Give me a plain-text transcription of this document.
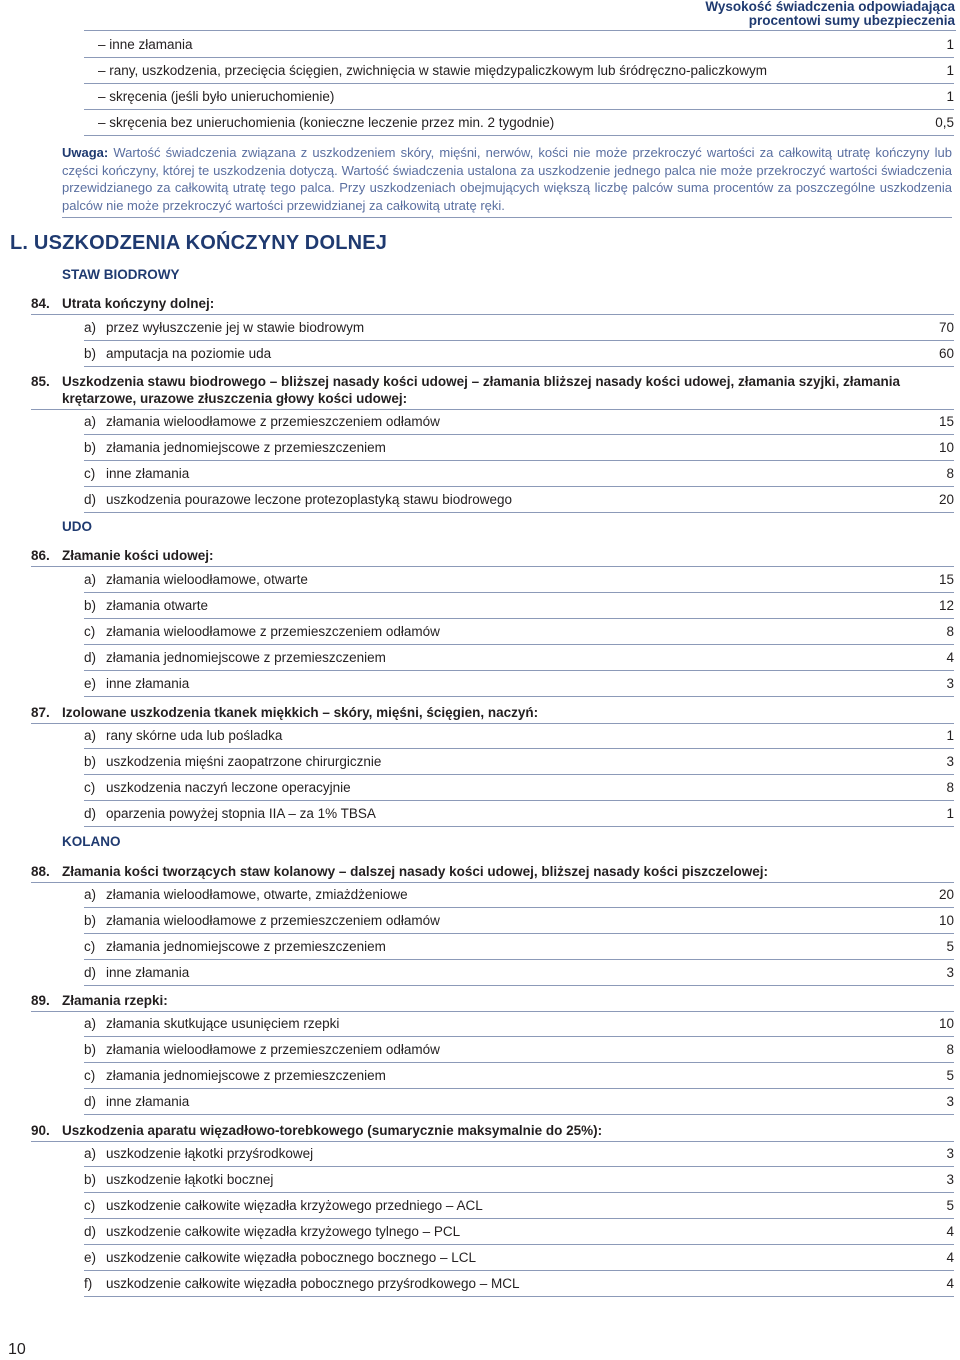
Wysokość świadczenia odpowiadająca
procentowi sumy ubezpieczenia
– inne złamania	1
– rany, uszkodzenia, przecięcia ścięgien, zwichnięcia w stawie międzypaliczkowym lub śródręczno-paliczkowym	1
– skręcenia (jeśli było unieruchomienie)	1
– skręcenia bez unieruchomienia (konieczne leczenie przez min. 2 tygodnie)	0,5
Uwaga: Wartość świadczenia związana z uszkodzeniem skóry, mięśni, nerwów, kości nie może przekroczyć wartości za całkowitą utratę kończyny lub części kończyny, której te uszkodzenia dotyczą. Wartość świadczenia ustalona za uszkodzenie jednego palca nie może przekroczyć wartości świadczenia przewidzianego za całkowitą utratę tego palca. Przy uszkodzeniach obejmujących większą liczbę palców suma procentów za poszczególne uszkodzenia palców nie może przekroczyć wartości przewidzianej za całkowitą utratę ręki.
L. USZKODZENIA KOŃCZYNY DOLNEJ
STAW BIODROWY
84. Utrata kończyny dolnej:
a) przez wyłuszczenie jej w stawie biodrowym	70
b) amputacja na poziomie uda	60
85. Uszkodzenia stawu biodrowego – bliższej nasady kości udowej – złamania bliższej nasady kości udowej, złamania szyjki, złamania krętarzowe, urazowe złuszczenia głowy kości udowej:
a) złamania wieloodłamowe z przemieszczeniem odłamów	15
b) złamania jednomiejscowe z przemieszczeniem	10
c) inne złamania	8
d) uszkodzenia pourazowe leczone protezoplastyką stawu biodrowego	20
86. Złamanie kości udowej:
a) złamania wieloodłamowe, otwarte	15
b) złamania otwarte	12
c) złamania wieloodłamowe z przemieszczeniem odłamów	8
d) złamania jednomiejscowe z przemieszczeniem	4
e) inne złamania	3
87. Izolowane uszkodzenia tkanek miękkich – skóry, mięśni, ścięgien, naczyń:
a) rany skórne uda lub pośladka	1
b) uszkodzenia mięśni zaopatrzone chirurgicznie	3
c) uszkodzenia naczyń leczone operacyjnie	8
d) oparzenia powyżej stopnia IIA – za 1% TBSA	1
88. Złamania kości tworzących staw kolanowy – dalszej nasady kości udowej, bliższej nasady kości piszczelowej:
a) złamania wieloodłamowe, otwarte, zmiażdżeniowe	20
b) złamania wieloodłamowe z przemieszczeniem odłamów	10
c) złamania jednomiejscowe z przemieszczeniem	5
d) inne złamania	3
89. Złamania rzepki:
a) złamania skutkujące usunięciem rzepki	10
b) złamania wieloodłamowe z przemieszczeniem odłamów	8
c) złamania jednomiejscowe z przemieszczeniem	5
d) inne złamania	3
90. Uszkodzenia aparatu więzadłowo-torebkowego (sumarycznie maksymalnie do 25%):
a) uszkodzenie łąkotki przyśrodkowej	3
b) uszkodzenie łąkotki bocznej	3
c) uszkodzenie całkowite więzadła krzyżowego przedniego – ACL	5
d) uszkodzenie całkowite więzadła krzyżowego tylnego – PCL	4
e) uszkodzenie całkowite więzadła pobocznego bocznego – LCL	4
f) uszkodzenie całkowite więzadła pobocznego przyśrodkowego – MCL	4
UDO
KOLANO
10
